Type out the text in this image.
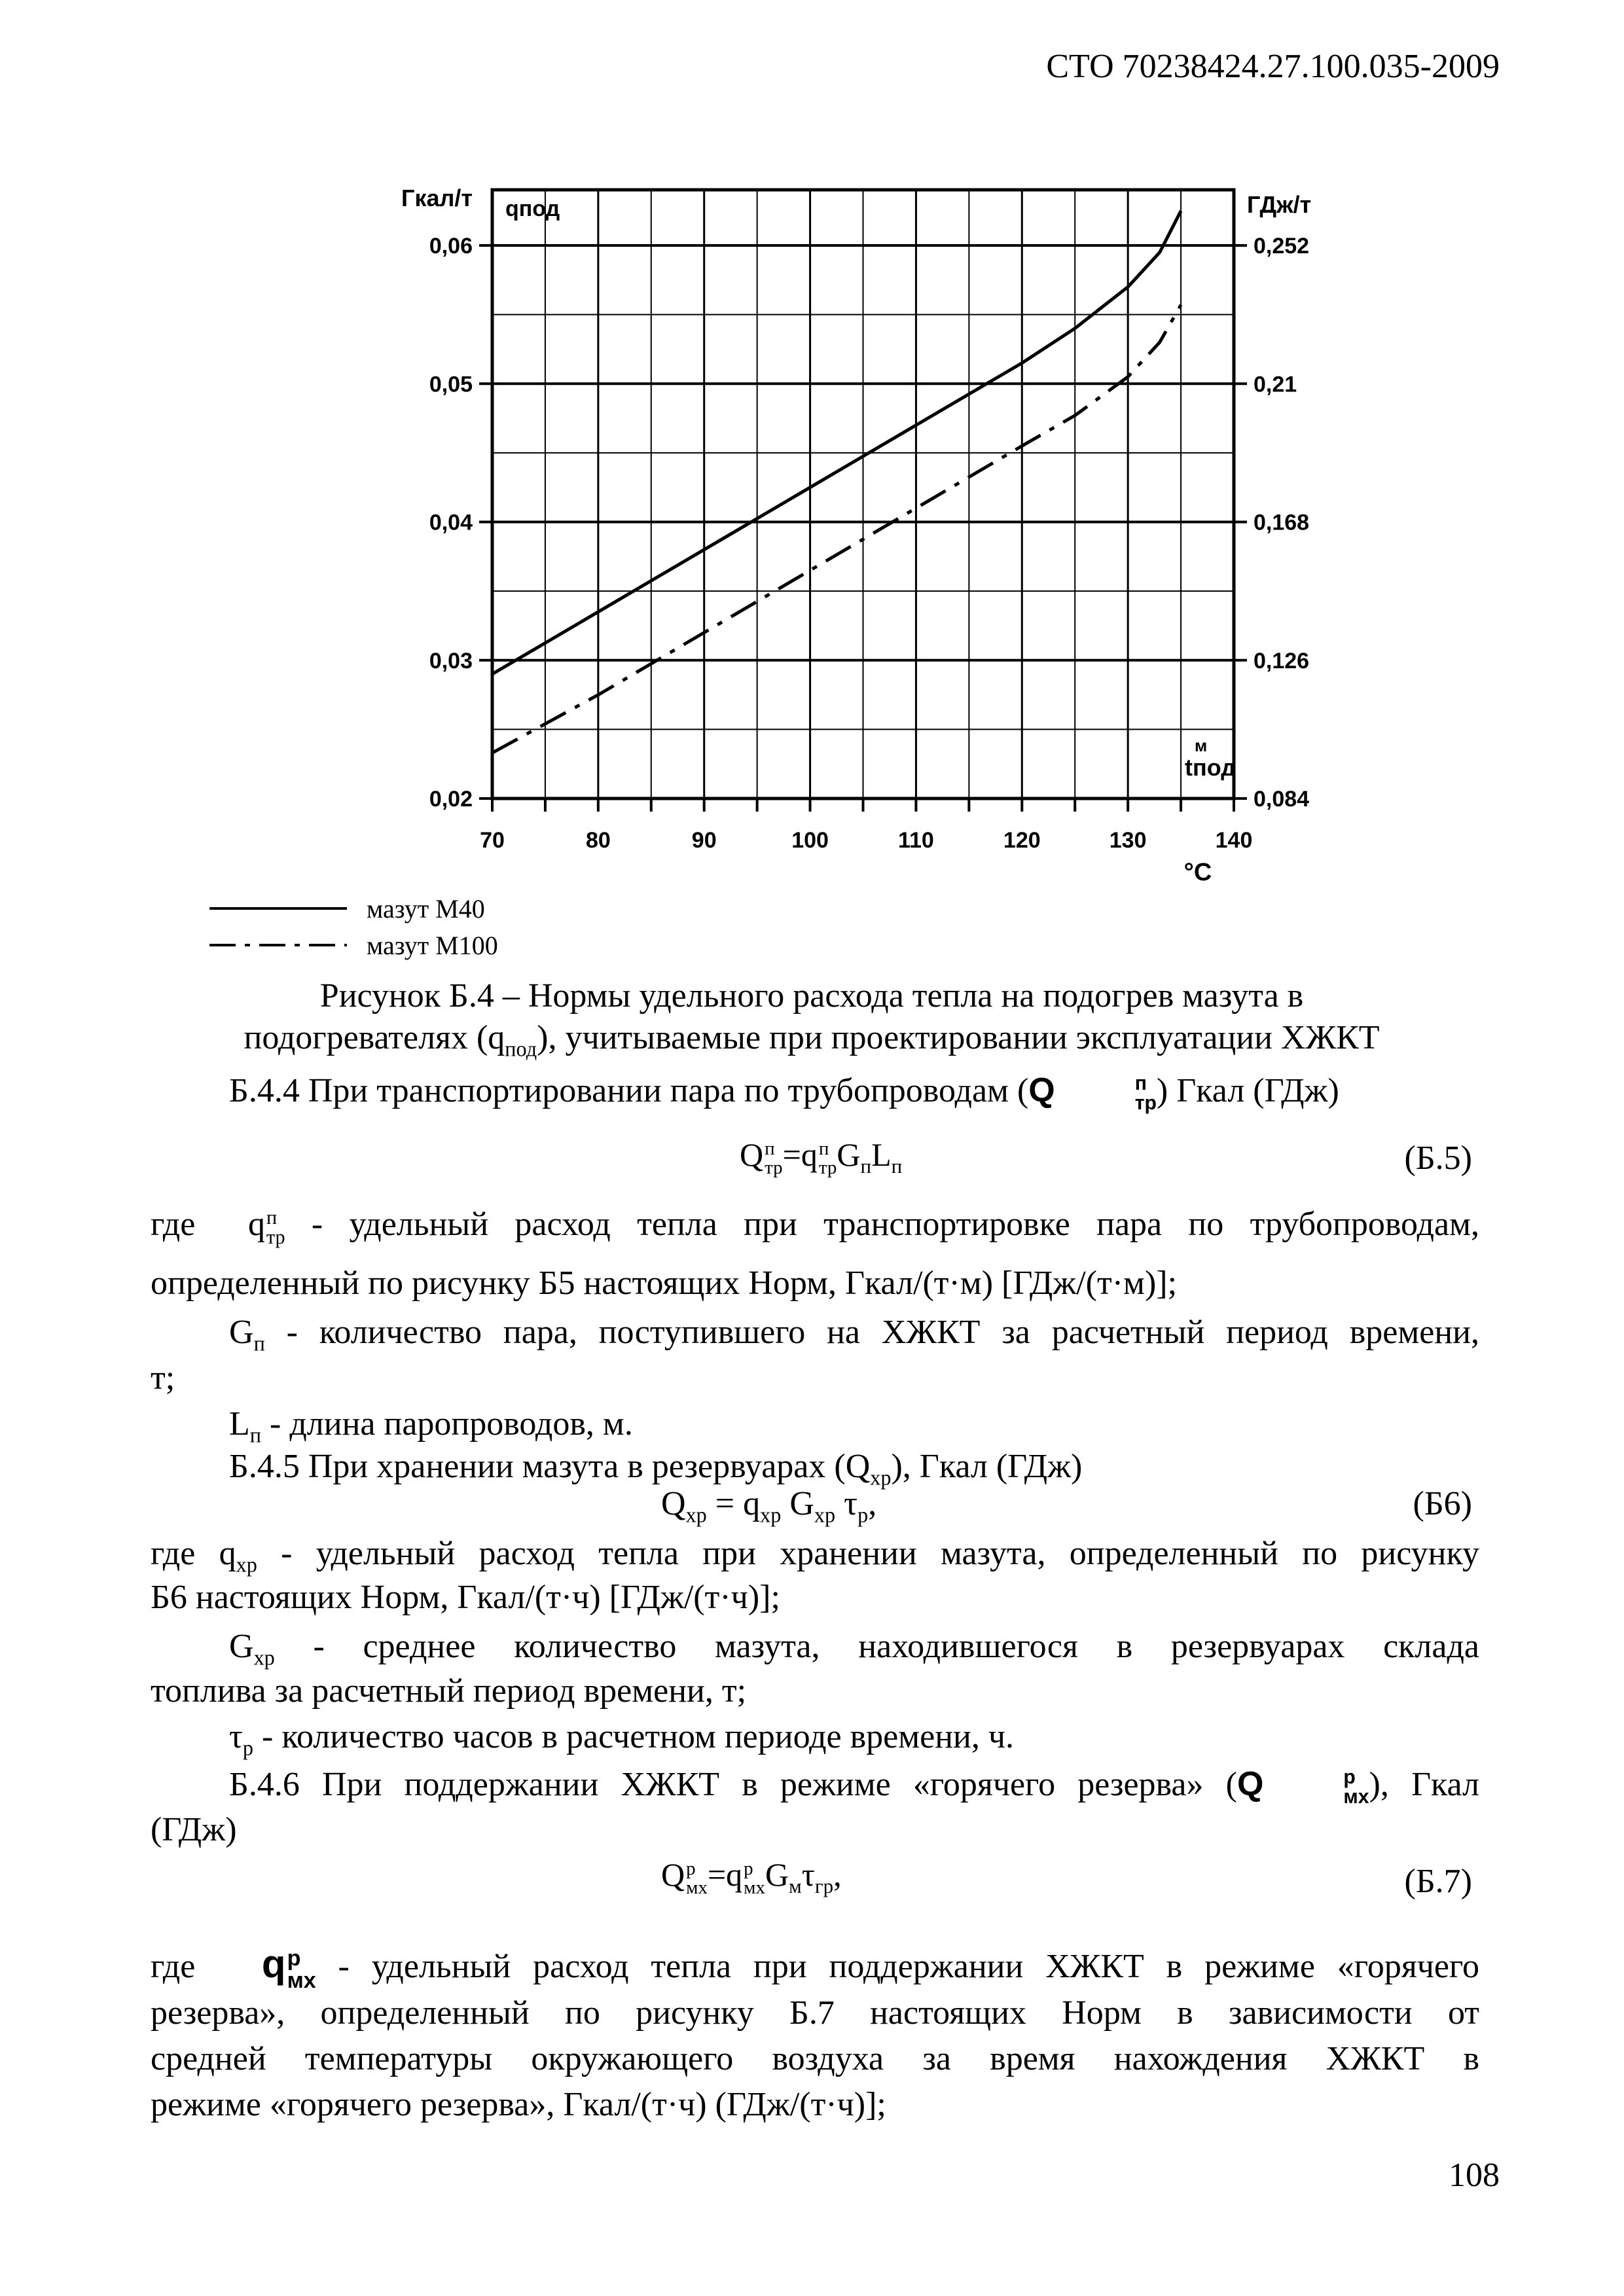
СТО 70238424.27.100.035-2009
70	80	90	100	110	120	130	140
0,02
0,03
0,04
0,05
0,06
0,084
0,126
0,168
0,21
0,252
Гкал/т qпод	ГДж/т
°С
tпод
м
мазут М40
мазут М100
Рисунок Б.4 – Нормы удельного расхода тепла на подогрев мазута в
подогревателях $(q_{под})$, учитываемые при проектировании эксплуатации ХЖКТ
Б.4.4 При транспортировании пара по трубопроводам (Q	п
тр ) Гкал (ГДж)
Q п
тр =q п
тр $G_пL_п$	(Б.5)
где q п
тр - удельный расход тепла при транспортировке пара по трубопроводам,
определенный по рисунку Б5 настоящих Норм, Гкал/(т·м) [ГДж/(т·м)];
$G_п$ - количество пара, поступившего на ХЖКТ за расчетный период времени,
т;
$L_п$ - длина паропроводов, м.
Б.4.5 При хранении мазута в резервуарах $(Q_{хр})$, Гкал (ГДж)
$Q_{хр} = q_{хр}$ $G_{хр}$ $\tau_р$,	(Б6)
где $q_{хр}$ - удельный расход тепла при хранении мазута, определенный по рисунку
Б6 настоящих Норм, Гкал/(т·ч) [ГДж/(т·ч)];
$G_{хр}$ - среднее количество мазута, находившегося в резервуарах склада
топлива за расчетный период времени, т;
$\tau_р$ - количество часов в расчетном периоде времени, ч.
Б.4.6 При поддержании ХЖКТ в режиме «горячего резерва» (Q	р
мх ), Гкал
(ГДж)
Q р
мх =q р
мх $G_м\tau_{гр}$,	(Б.7)
где q р
мх - удельный расход тепла при поддержании ХЖКТ в режиме «горячего
резерва», определенный по рисунку Б.7 настоящих Норм в зависимости от
средней температуры окружающего воздуха за время нахождения ХЖКТ в
режиме «горячего резерва», Гкал/(т·ч) (ГДж/(т·ч)];
108
